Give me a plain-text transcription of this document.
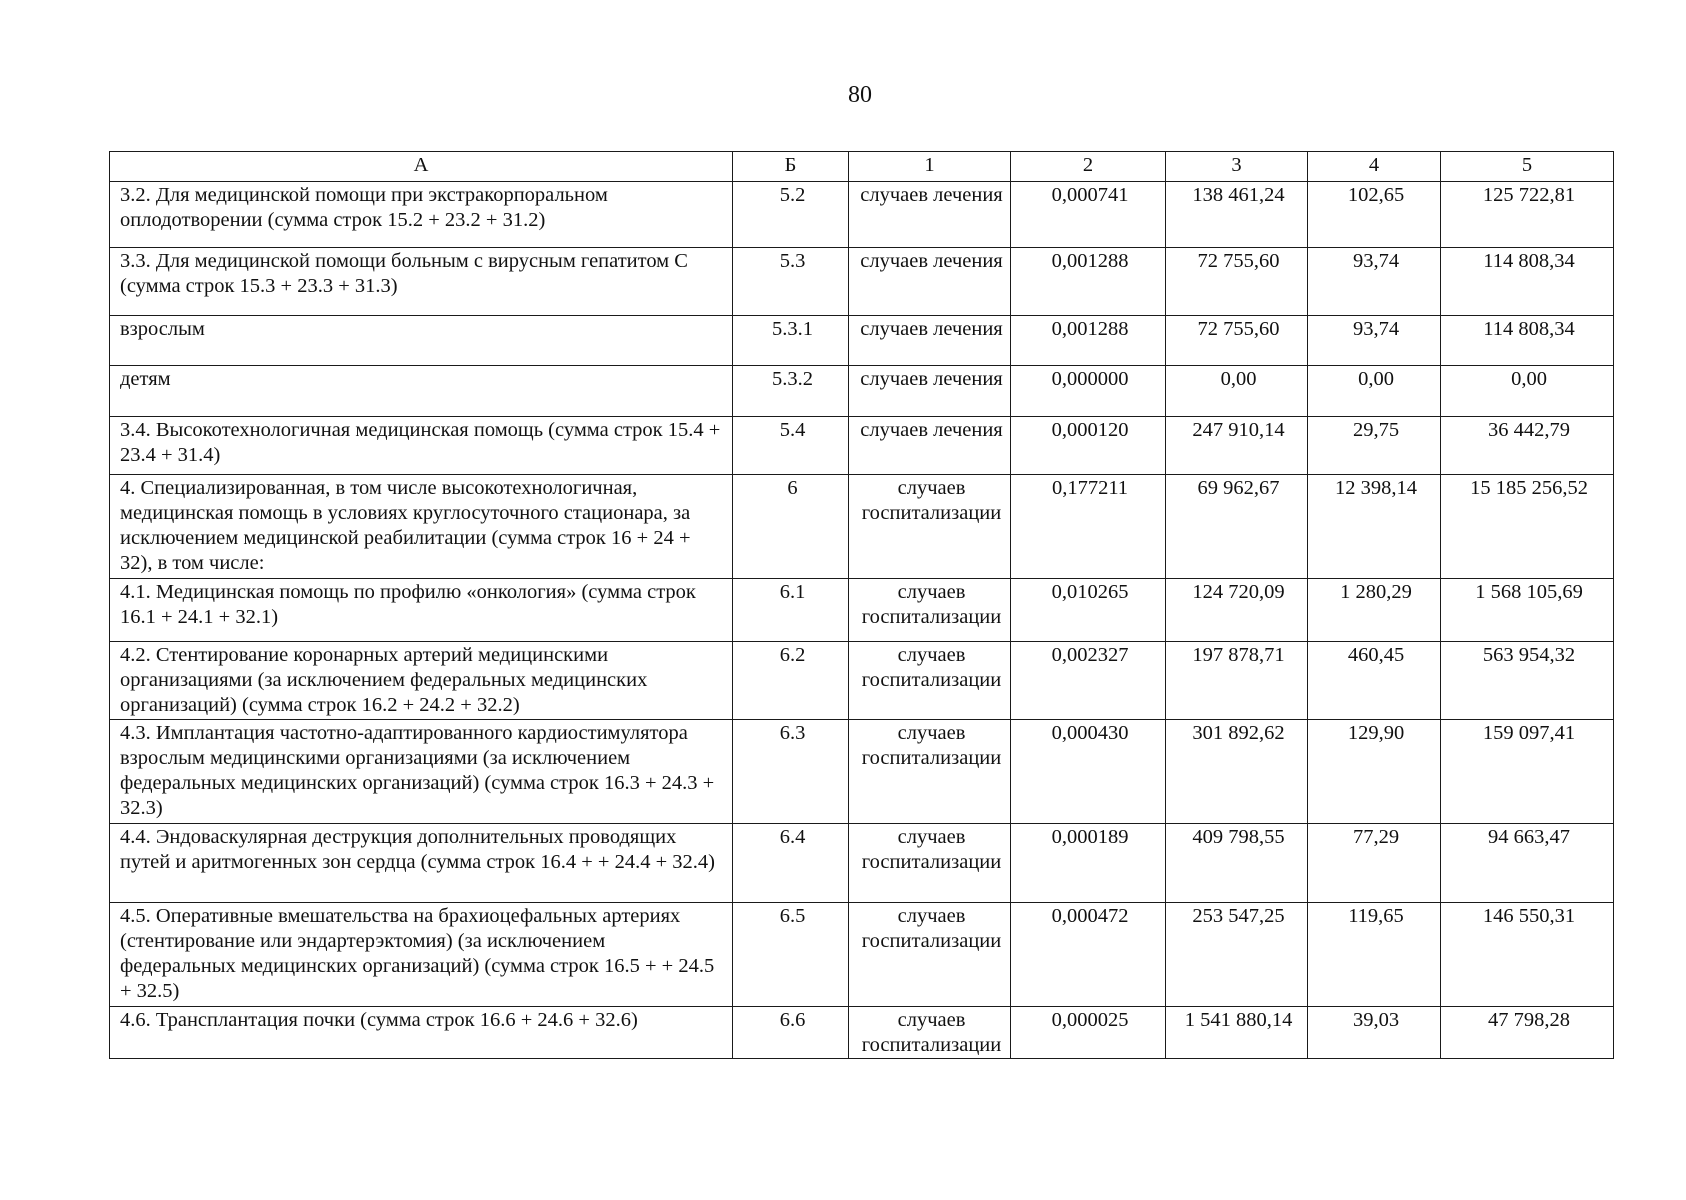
80
А	Б	1	2	3	4	5
3.2. Для медицинской помощи при экстракорпоральном оплодотворении (сумма строк 15.2 + 23.2 + 31.2)	5.2	случаев лечения	0,000741	138 461,24	102,65	125 722,81
3.3. Для медицинской помощи больным с вирусным гепатитом С (сумма строк 15.3 + 23.3 + 31.3)	5.3	случаев лечения	0,001288	72 755,60	93,74	114 808,34
взрослым	5.3.1	случаев лечения	0,001288	72 755,60	93,74	114 808,34
детям	5.3.2	случаев лечения	0,000000	0,00	0,00	0,00
3.4. Высокотехнологичная медицинская помощь (сумма строк 15.4 + 23.4 + 31.4)	5.4	случаев лечения	0,000120	247 910,14	29,75	36 442,79
4. Специализированная, в том числе высокотехнологичная, медицинская помощь в условиях круглосуточного стационара, за исключением медицинской реабилитации (сумма строк 16 + 24 + 32), в том числе:	6	случаев госпитализации	0,177211	69 962,67	12 398,14	15 185 256,52
4.1. Медицинская помощь по профилю «онкология» (сумма строк 16.1 + 24.1 + 32.1)	6.1	случаев госпитализации	0,010265	124 720,09	1 280,29	1 568 105,69
4.2. Стентирование коронарных артерий медицинскими организациями (за исключением федеральных медицинских организаций) (сумма строк 16.2 + 24.2 + 32.2)	6.2	случаев госпитализации	0,002327	197 878,71	460,45	563 954,32
4.3. Имплантация частотно-адаптированного кардиостимулятора взрослым медицинскими организациями (за исключением федеральных медицинских организаций) (сумма строк 16.3 + 24.3 + 32.3)	6.3	случаев госпитализации	0,000430	301 892,62	129,90	159 097,41
4.4. Эндоваскулярная деструкция дополнительных проводящих путей и аритмогенных зон сердца (сумма строк 16.4 + + 24.4 + 32.4)	6.4	случаев госпитализации	0,000189	409 798,55	77,29	94 663,47
4.5. Оперативные вмешательства на брахиоцефальных артериях (стентирование или эндартерэктомия) (за исключением федеральных медицинских организаций) (сумма строк 16.5 + + 24.5 + 32.5)	6.5	случаев госпитализации	0,000472	253 547,25	119,65	146 550,31
4.6. Трансплантация почки (сумма строк 16.6 + 24.6 + 32.6)	6.6	случаев госпитализации	0,000025	1 541 880,14	39,03	47 798,28
